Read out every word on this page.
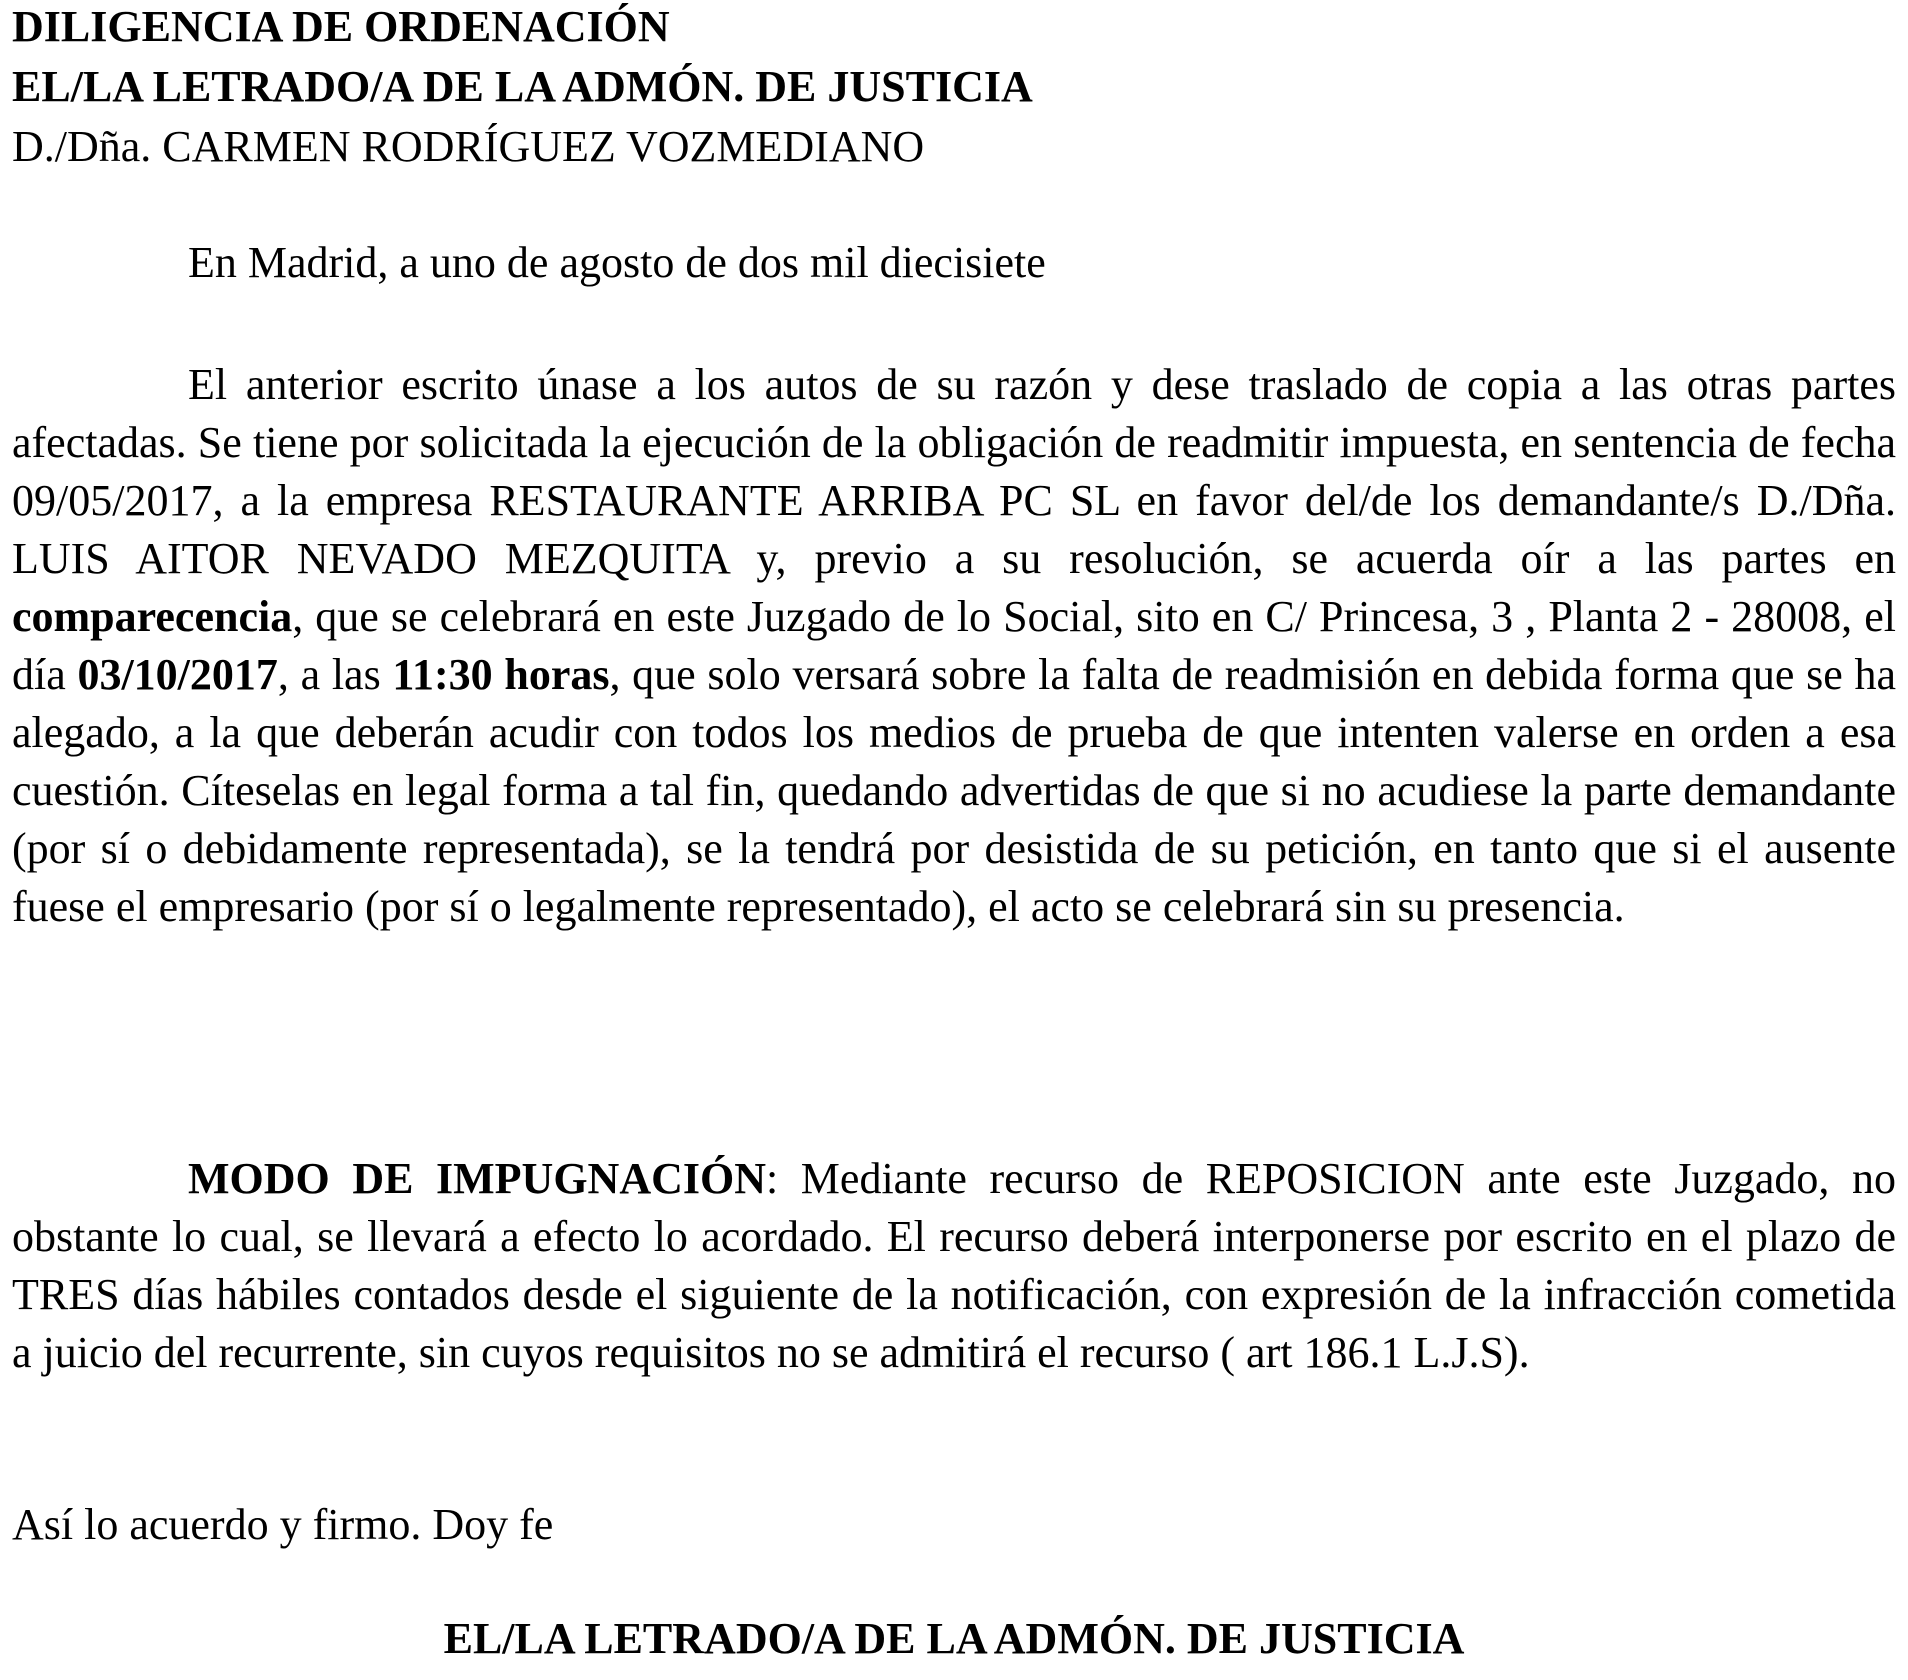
DILIGENCIA DE ORDENACIÓN

EL/LA LETRADO/A DE LA ADMÓN. DE JUSTICIA

D./Dña. CARMEN RODRÍGUEZ VOZMEDIANO

En Madrid, a uno de agosto de dos mil diecisiete

El anterior escrito únase a los autos de su razón y dese traslado de copia a las otras partes afectadas. Se tiene por solicitada la ejecución de la obligación de readmitir impuesta, en sentencia de fecha 09/05/2017, a la empresa RESTAURANTE ARRIBA PC SL en favor del/de los demandante/s D./Dña. LUIS AITOR NEVADO MEZQUITA y, previo a su resolución, se acuerda oír a las partes en comparecencia, que se celebrará en este Juzgado de lo Social, sito en C/ Princesa, 3 , Planta 2 - 28008, el día 03/10/2017, a las 11:30 horas, que solo versará sobre la falta de readmisión en debida forma que se ha alegado, a la que deberán acudir con todos los medios de prueba de que intenten valerse en orden a esa cuestión. Cíteselas en legal forma a tal fin, quedando advertidas de que si no acudiese la parte demandante (por sí o debidamente representada), se la tendrá por desistida de su petición, en tanto que si el ausente fuese el empresario (por sí o legalmente representado), el acto se celebrará sin su presencia.

MODO DE IMPUGNACIÓN: Mediante recurso de REPOSICION ante este Juzgado, no obstante lo cual, se llevará a efecto lo acordado. El recurso deberá interponerse por escrito en el plazo de TRES días hábiles contados desde el siguiente de la notificación, con expresión de la infracción cometida a juicio del recurrente, sin cuyos requisitos no se admitirá el recurso ( art 186.1 L.J.S).

Así lo acuerdo y firmo. Doy fe

EL/LA LETRADO/A DE LA ADMÓN. DE JUSTICIA
